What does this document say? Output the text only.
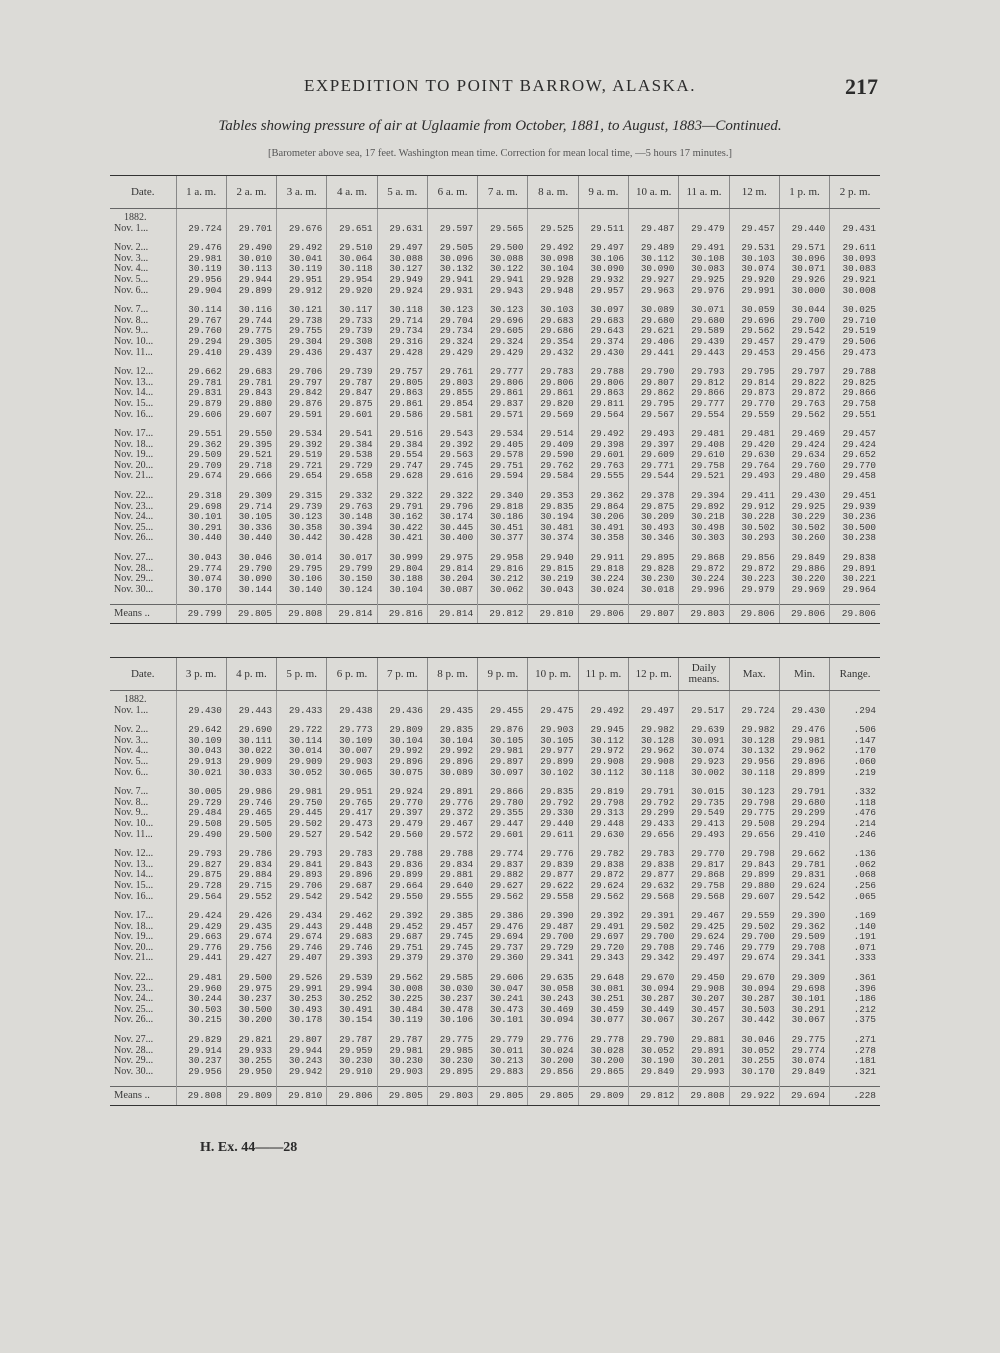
EXPEDITION TO POINT BARROW, ALASKA.	217
Tables showing pressure of air at Uglaamie from October, 1881, to August, 1883—Continued.
[Barometer above sea, 17 feet. Washington mean time. Correction for mean local time, —5 hours 17 minutes.]
Date.	1 a. m.	2 a. m.	3 a. m.	4 a. m.	5 a. m.	6 a. m.	7 a. m.	8 a. m.	9 a. m.	10 a. m.	11 a. m.	12 m.	1 p. m.	2 p. m.
1882.														
Nov. 1...	29.724	29.701	29.676	29.651	29.631	29.597	29.565	29.525	29.511	29.487	29.479	29.457	29.440	29.431
Nov. 2...	29.476	29.490	29.492	29.510	29.497	29.505	29.500	29.492	29.497	29.489	29.491	29.531	29.571	29.611
Nov. 3...	29.981	30.010	30.041	30.064	30.088	30.096	30.088	30.098	30.106	30.112	30.108	30.103	30.096	30.093
Nov. 4...	30.119	30.113	30.119	30.118	30.127	30.132	30.122	30.104	30.090	30.090	30.083	30.074	30.071	30.083
Nov. 5...	29.956	29.944	29.951	29.954	29.949	29.941	29.941	29.928	29.932	29.927	29.925	29.920	29.926	29.921
Nov. 6...	29.904	29.899	29.912	29.920	29.924	29.931	29.943	29.948	29.957	29.963	29.976	29.991	30.000	30.008
Nov. 7...	30.114	30.116	30.121	30.117	30.118	30.123	30.123	30.103	30.097	30.089	30.071	30.059	30.044	30.025
Nov. 8...	29.767	29.744	29.738	29.733	29.714	29.704	29.696	29.683	29.683	29.680	29.680	29.696	29.700	29.710
Nov. 9...	29.760	29.775	29.755	29.739	29.734	29.734	29.605	29.686	29.643	29.621	29.589	29.562	29.542	29.519
Nov. 10...	29.294	29.305	29.304	29.308	29.316	29.324	29.324	29.354	29.374	29.406	29.439	29.457	29.479	29.506
Nov. 11...	29.410	29.439	29.436	29.437	29.428	29.429	29.429	29.432	29.430	29.441	29.443	29.453	29.456	29.473
Nov. 12...	29.662	29.683	29.706	29.739	29.757	29.761	29.777	29.783	29.788	29.790	29.793	29.795	29.797	29.788
Nov. 13...	29.781	29.781	29.797	29.787	29.805	29.803	29.806	29.806	29.806	29.807	29.812	29.814	29.822	29.825
Nov. 14...	29.831	29.843	29.842	29.847	29.863	29.855	29.861	29.861	29.863	29.862	29.866	29.873	29.872	29.866
Nov. 15...	29.879	29.880	29.876	29.875	29.861	29.854	29.837	29.820	29.811	29.795	29.777	29.770	29.763	29.758
Nov. 16...	29.606	29.607	29.591	29.601	29.586	29.581	29.571	29.569	29.564	29.567	29.554	29.559	29.562	29.551
Nov. 17...	29.551	29.550	29.534	29.541	29.516	29.543	29.534	29.514	29.492	29.493	29.481	29.481	29.469	29.457
Nov. 18...	29.362	29.395	29.392	29.384	29.384	29.392	29.405	29.409	29.398	29.397	29.408	29.420	29.424	29.424
Nov. 19...	29.509	29.521	29.519	29.538	29.554	29.563	29.578	29.590	29.601	29.609	29.610	29.630	29.634	29.652
Nov. 20...	29.709	29.718	29.721	29.729	29.747	29.745	29.751	29.762	29.763	29.771	29.758	29.764	29.760	29.770
Nov. 21...	29.674	29.666	29.654	29.658	29.628	29.616	29.594	29.584	29.555	29.544	29.521	29.493	29.480	29.458
Nov. 22...	29.318	29.309	29.315	29.332	29.322	29.322	29.340	29.353	29.362	29.378	29.394	29.411	29.430	29.451
Nov. 23...	29.698	29.714	29.739	29.763	29.791	29.796	29.818	29.835	29.864	29.875	29.892	29.912	29.925	29.939
Nov. 24...	30.101	30.105	30.123	30.148	30.162	30.174	30.186	30.194	30.206	30.209	30.218	30.228	30.229	30.236
Nov. 25...	30.291	30.336	30.358	30.394	30.422	30.445	30.451	30.481	30.491	30.493	30.498	30.502	30.502	30.500
Nov. 26...	30.440	30.440	30.442	30.428	30.421	30.400	30.377	30.374	30.358	30.346	30.303	30.293	30.260	30.238
Nov. 27...	30.043	30.046	30.014	30.017	30.999	29.975	29.958	29.940	29.911	29.895	29.868	29.856	29.849	29.838
Nov. 28...	29.774	29.790	29.795	29.799	29.804	29.814	29.816	29.815	29.818	29.828	29.872	29.872	29.886	29.891
Nov. 29...	30.074	30.090	30.106	30.150	30.188	30.204	30.212	30.219	30.224	30.230	30.224	30.223	30.220	30.221
Nov. 30...	30.170	30.144	30.140	30.124	30.104	30.087	30.062	30.043	30.024	30.018	29.996	29.979	29.969	29.964
Means ..	29.799	29.805	29.808	29.814	29.816	29.814	29.812	29.810	29.806	29.807	29.803	29.806	29.806	29.806
Date.	3 p. m.	4 p. m.	5 p. m.	6 p. m.	7 p. m.	8 p. m.	9 p. m.	10 p. m.	11 p. m.	12 p. m.	Daily means.	Max.	Min.	Range.
1882.														
Nov. 1...	29.430	29.443	29.433	29.438	29.436	29.435	29.455	29.475	29.492	29.497	29.517	29.724	29.430	.294
Nov. 2...	29.642	29.690	29.722	29.773	29.809	29.835	29.876	29.903	29.945	29.982	29.639	29.982	29.476	.506
Nov. 3...	30.109	30.111	30.114	30.109	30.104	30.104	30.105	30.105	30.112	30.128	30.091	30.128	29.981	.147
Nov. 4...	30.043	30.022	30.014	30.007	29.992	29.992	29.981	29.977	29.972	29.962	30.074	30.132	29.962	.170
Nov. 5...	29.913	29.909	29.909	29.903	29.896	29.896	29.897	29.899	29.908	29.908	29.923	29.956	29.896	.060
Nov. 6...	30.021	30.033	30.052	30.065	30.075	30.089	30.097	30.102	30.112	30.118	30.002	30.118	29.899	.219
Nov. 7...	30.005	29.986	29.981	29.951	29.924	29.891	29.866	29.835	29.819	29.791	30.015	30.123	29.791	.332
Nov. 8...	29.729	29.746	29.750	29.765	29.770	29.776	29.780	29.792	29.798	29.792	29.735	29.798	29.680	.118
Nov. 9...	29.484	29.465	29.445	29.417	29.397	29.372	29.355	29.330	29.313	29.299	29.549	29.775	29.299	.476
Nov. 10...	29.508	29.505	29.502	29.473	29.479	29.467	29.447	29.440	29.448	29.433	29.413	29.508	29.294	.214
Nov. 11...	29.490	29.500	29.527	29.542	29.560	29.572	29.601	29.611	29.630	29.656	29.493	29.656	29.410	.246
Nov. 12...	29.793	29.786	29.793	29.783	29.788	29.788	29.774	29.776	29.782	29.783	29.770	29.798	29.662	.136
Nov. 13...	29.827	29.834	29.841	29.843	29.836	29.834	29.837	29.839	29.838	29.838	29.817	29.843	29.781	.062
Nov. 14...	29.875	29.884	29.893	29.896	29.899	29.881	29.882	29.877	29.872	29.877	29.868	29.899	29.831	.068
Nov. 15...	29.728	29.715	29.706	29.687	29.664	29.640	29.627	29.622	29.624	29.632	29.758	29.880	29.624	.256
Nov. 16...	29.564	29.552	29.542	29.542	29.550	29.555	29.562	29.558	29.562	29.568	29.568	29.607	29.542	.065
Nov. 17...	29.424	29.426	29.434	29.462	29.392	29.385	29.386	29.390	29.392	29.391	29.467	29.559	29.390	.169
Nov. 18...	29.429	29.435	29.443	29.448	29.452	29.457	29.476	29.487	29.491	29.502	29.425	29.502	29.362	.140
Nov. 19...	29.663	29.674	29.674	29.683	29.687	29.745	29.694	29.700	29.697	29.700	29.624	29.700	29.509	.191
Nov. 20...	29.776	29.756	29.746	29.746	29.751	29.745	29.737	29.729	29.720	29.708	29.746	29.779	29.708	.071
Nov. 21...	29.441	29.427	29.407	29.393	29.379	29.370	29.360	29.341	29.343	29.342	29.497	29.674	29.341	.333
Nov. 22...	29.481	29.500	29.526	29.539	29.562	29.585	29.606	29.635	29.648	29.670	29.450	29.670	29.309	.361
Nov. 23...	29.960	29.975	29.991	29.994	30.008	30.030	30.047	30.058	30.081	30.094	29.908	30.094	29.698	.396
Nov. 24...	30.244	30.237	30.253	30.252	30.225	30.237	30.241	30.243	30.251	30.287	30.207	30.287	30.101	.186
Nov. 25...	30.503	30.500	30.493	30.491	30.484	30.478	30.473	30.469	30.459	30.449	30.457	30.503	30.291	.212
Nov. 26...	30.215	30.200	30.178	30.154	30.119	30.106	30.101	30.094	30.077	30.067	30.267	30.442	30.067	.375
Nov. 27...	29.829	29.821	29.807	29.787	29.787	29.775	29.779	29.776	29.778	29.790	29.881	30.046	29.775	.271
Nov. 28...	29.914	29.933	29.944	29.959	29.981	29.985	30.011	30.024	30.028	30.052	29.891	30.052	29.774	.278
Nov. 29...	30.237	30.255	30.243	30.230	30.230	30.230	30.213	30.200	30.200	30.190	30.201	30.255	30.074	.181
Nov. 30...	29.956	29.950	29.942	29.910	29.903	29.895	29.883	29.856	29.865	29.849	29.993	30.170	29.849	.321
Means ..	29.808	29.809	29.810	29.806	29.805	29.803	29.805	29.805	29.809	29.812	29.808	29.922	29.694	.228
H. Ex. 44——28
